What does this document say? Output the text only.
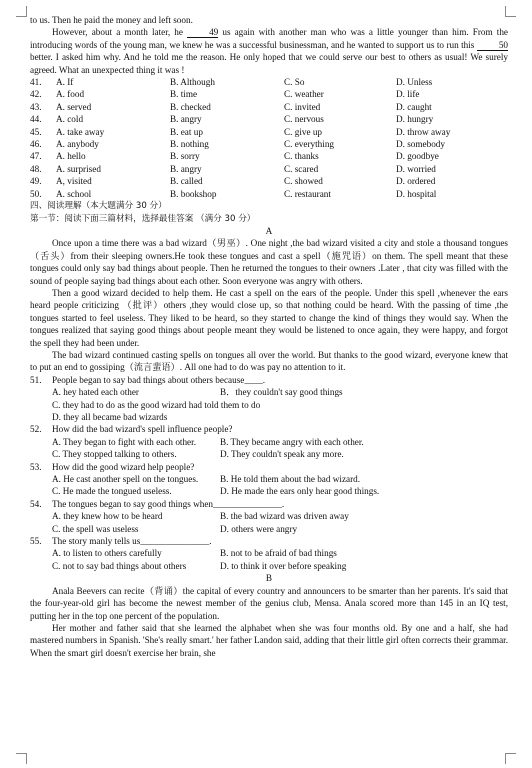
to us. Then he paid the money and left soon.

However, about a month later, he	49 us again with another man who was a little younger than him. From the introducing words of the young man, we knew he was a successful businessman, and he wanted to support us to run this	50 better. I asked him why. And he told me the reason. He only hoped that we could serve our best to others as usual! We surely agreed. What an unexpected thing it was !

41.	A. If	B. Although	C. So	D. Unless
42.	A. food	B. time	C. weather	D. life
43.	A. served	B. checked	C. invited	D. caught
44.	A. cold	B. angry	C. nervous	D. hungry
45.	A. take away	B. eat up	C. give up	D. throw away
46.	A. anybody	B. nothing	C. everything	D. somebody
47.	A. hello	B. sorry	C. thanks	D. goodbye
48.	A. surprised	B. angry	C. scared	D. worried
49.	A, visited	B. called	C. showed	D. ordered
50.	A. school	B. bookshop	C. restaurant	D. hospital
四、阅读理解（本大题满分 30 分）
第一节：阅读下面三篇材料，选择最佳答案 （满分 30 分）
A

Once upon a time there was a bad wizard（男巫）. One night ,the bad wizard visited a city and stole a thousand tongues（舌头）from their sleeping owners.He took these tongues and cast a spell（施咒语）on them. The spell meant that these tongues could only say bad things about people. Then he returned the tongues to their owners .Later , that city was filled with the sound of people saying bad things about each other. Soon everyone was angry with others.

Then a good wizard decided to help them. He cast a spell on the ears of the people. Under this spell ,whenever the ears heard people criticizing （批评）others ,they would close up, so that nothing could be heard. With the passing of time ,the tongues started to feel useless. They liked to be heard, so they started to change the kind of things they would say. When the tongues realized that saying good things about people meant they would be listened to once again, they were happy, and forgot the spell they had been under.

The bad wizard continued casting spells on tongues all over the world. But thanks to the good wizard, everyone knew that to put an end to gossiping（流言蜚语）. All one had to do was pay no attention to it.

51.	People began to say bad things about others because____.
A. hey hated each other	B．they couldn't say good things
C. they had to do as the good wizard had told them to do
D. they all became bad wizards
52.	How did the bad wizard's spell influence people?
A. They began to fight with each other.	B. They became angry with each other.
C. They stopped talking to others.	D. They couldn't speak any more.
53.	How did the good wizard help people?
A. He cast another spell on the tongues.	B. He told them about the bad wizard.
C. He made the tongued useless.	D. He made the ears only hear good things.
54.	The tongues began to say good things when_______________.
A. they knew how to be heard	B. the bad wizard was driven away
C. the spell was useless	D. others were angry
55.	The story manly tells us_______________.
A. to listen to others carefully	B. not to be afraid of bad things
C. not to say bad things about others	D. to think it over before speaking
B

Anala Beevers can recite（背诵）the capital of every country and announcers to be smarter than her parents. It's said that the four-year-old girl has become the newest member of the genius club, Mensa. Anala scored more than 145 in an IQ test, putting her in the top one percent of the population.

Her mother and father said that she learned the alphabet when she was four months old. By one and a half, she had mastered numbers in Spanish. 'She's really smart.' her father Landon said, adding that their little girl often corrects their grammar. When the smart girl doesn't exercise her brain, she
